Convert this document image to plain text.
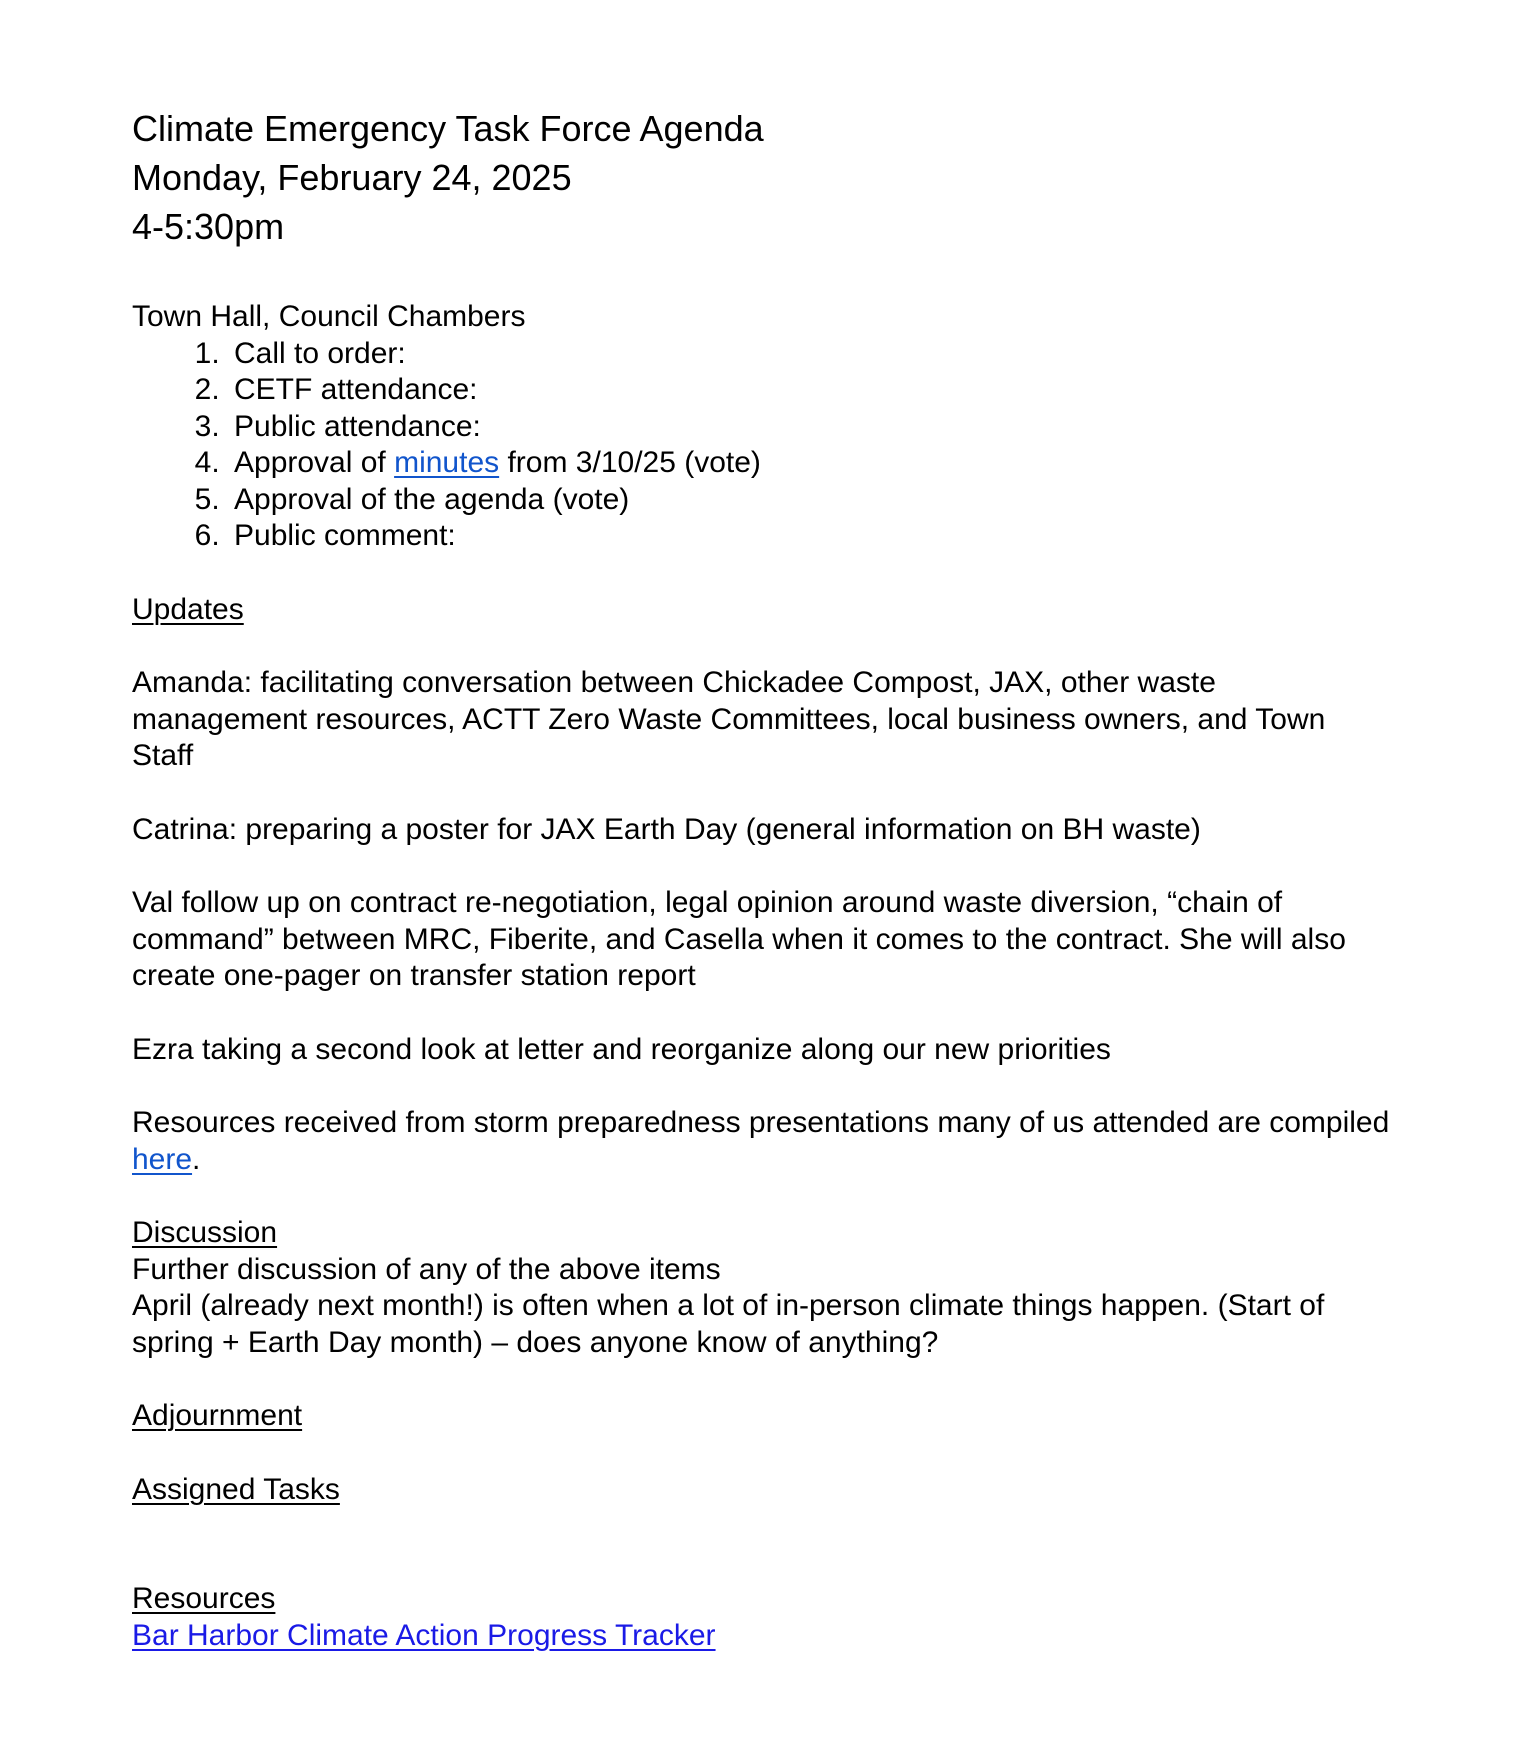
Climate Emergency Task Force Agenda
Monday, February 24, 2025
4-5:30pm
Town Hall, Council Chambers
1. Call to order:
2. CETF attendance:
3. Public attendance:
4. Approval of minutes from 3/10/25 (vote)
5. Approval of the agenda (vote)
6. Public comment:
Updates
Amanda: facilitating conversation between Chickadee Compost, JAX, other waste management resources, ACTT Zero Waste Committees, local business owners, and Town Staff
Catrina: preparing a poster for JAX Earth Day (general information on BH waste)
Val follow up on contract re-negotiation, legal opinion around waste diversion, “chain of command” between MRC, Fiberite, and Casella when it comes to the contract. She will also create one-pager on transfer station report
Ezra taking a second look at letter and reorganize along our new priorities
Resources received from storm preparedness presentations many of us attended are compiled here.
Discussion
Further discussion of any of the above items
April (already next month!) is often when a lot of in-person climate things happen. (Start of spring + Earth Day month) – does anyone know of anything?
Adjournment
Assigned Tasks
Resources
Bar Harbor Climate Action Progress Tracker
